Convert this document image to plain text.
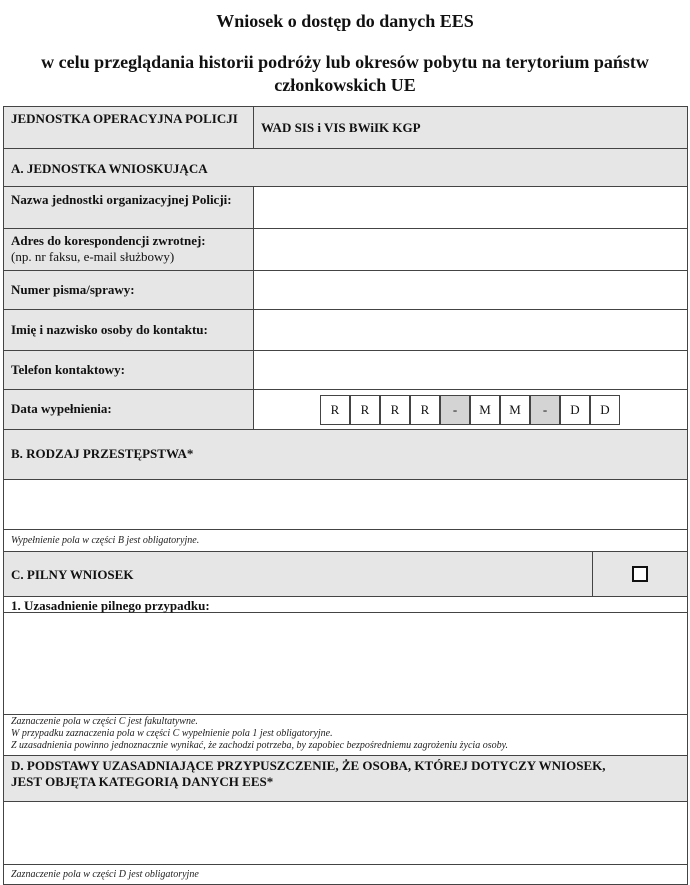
Wniosek o dostęp do danych EES
w celu przeglądania historii podróży lub okresów pobytu na terytorium państw
członkowskich UE
JEDNOSTKA OPERACYJNA POLICJI
WAD SIS i VIS BWiIK KGP
A. JEDNOSTKA WNIOSKUJĄCA
Nazwa jednostki organizacyjnej Policji:
Adres do korespondencji zwrotnej:
(np. nr faksu, e-mail służbowy)
Numer pisma/sprawy:
Imię i nazwisko osoby do kontaktu:
Telefon kontaktowy:
Data wypełnienia:	R	R	R	R	-	M	M	-	D	D
B. RODZAJ PRZESTĘPSTWA*
Wypełnienie pola w części B jest obligatoryjne.
C. PILNY WNIOSEK
1. Uzasadnienie pilnego przypadku:
Zaznaczenie pola w części C jest fakultatywne.
W przypadku zaznaczenia pola w części C wypełnienie pola 1 jest obligatoryjne.
Z uzasadnienia powinno jednoznacznie wynikać, że zachodzi potrzeba, by zapobiec bezpośredniemu zagrożeniu życia osoby.
D. PODSTAWY UZASADNIAJĄCE PRZYPUSZCZENIE, ŻE OSOBA, KTÓREJ DOTYCZY WNIOSEK,
JEST OBJĘTA KATEGORIĄ DANYCH EES*
Zaznaczenie pola w części D jest obligatoryjne
